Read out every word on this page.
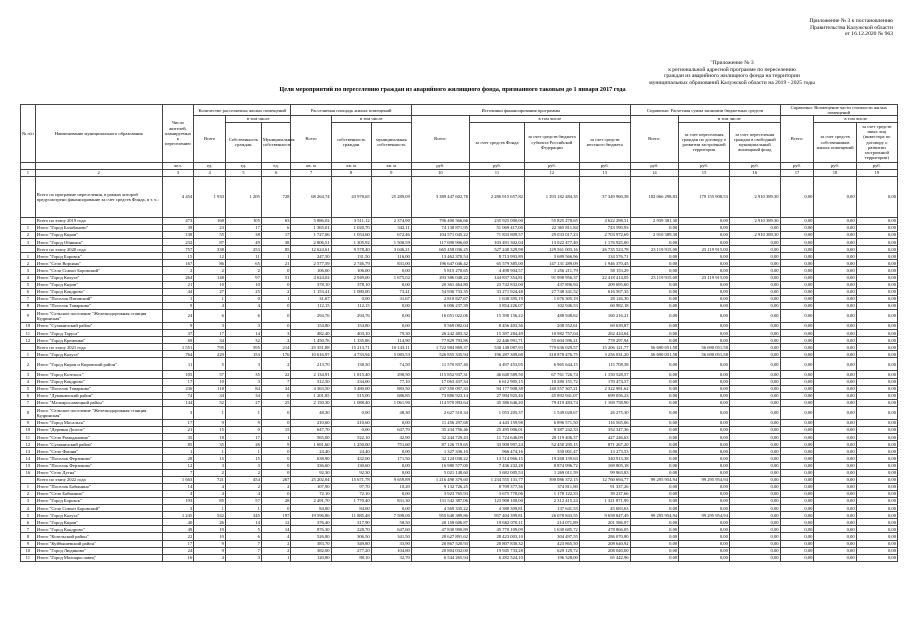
Приложение № 3 к постановлению
Правительства Калужской области
от 16.12.2020 № 963
"Приложение № 3
к региональной адресной программе по переселению
граждан из аварийного жилищного фонда на территории
муниципальных образований Калужской области на 2019 - 2025 годы
Цели мероприятий по переселению граждан из аварийного жилищного фонда, признанного таковым до 1 января 2017 года
№ п/п	Наименование муниципального образования	Число жителей, планируемых к переселению	Количество расселяемых жилых помещений			Расселяемая площадь жилых помещений			Источники финансирования программы				Справочно: Расчетная сумма экономии бюджетных средств			Справочно: Возмещение части стоимости жилых помещений		
			Всего	в том числе		Всего	в том числе		Всего:	в том числе			Всего:	в том числе		Всего:	в том числе	
				Собственность граждан	Муниципальная собственность		собственность граждан	муниципальная собственность		за счет средств Фонда	за счет средств бюджета субъекта Российской Федерации	за счет средств местного бюджета		за счет переселения граждан по договору о развитии застроенной территории	за счет переселения граждан в свободный муниципальный жилищный фонд		за счет средств собственников жилых помещений	за счет средств иных лиц (инвестора по договору о развитии застроенной территории)
		чел.	ед.	ед.	ед.	кв. м	кв. м	кв. м	руб.	руб.	руб.	руб.	руб.	руб.	руб.	руб.	руб.	руб.
1	2	3	4	5	6	7	8	9	10	11	12	13	14	15	16	17	18	19
	Всего по программе переселения, в рамках которой предусмотрено финансирование за счет средств Фонда, в т. ч.:	4 454	1 933	1 205	728	68 264,74	43 978,65	25 289,09	3 389 447 602,78	2 286 915 657,82	1 293 182 484,35	37 349 960,38	182 066 298,83	179 155 908,53	2 910 389,30	0,00	0,00	0,00
	Всего по этапу 2019 года	473	168	105	63	5 886,02	3 511,12	2 374,90	796 400 566,66	235 925 000,00	55 825 278,65	4 622 298,31	2 939 381,30	0,00	2 910 389,30	0,00	0,00	0,00
1	Итого "Город Балабаново"	39	23	17	6	1 365,01	1 020,70	342,11	74 138 871,95	51 069 417,00	22 365 811,84	743 590,93	0,00	0,00	0,00	0,00	0,00	0,00
2	Итого "Город Киров"	138	55	38	17	1 727,06	1 054,60	672,46	104 571 045,22	71 833 809,57	29 033 017,23	2 703 972,69	2 910 389,30	0,00	2 910 389,30	0,00	0,00	0,00
3	Итого "Город Обнинск"	232	87	49	38	2 806,51	1 305,92	1 500,59	117 690 906,60	103 491 302,04	13 022 477,40	1 176 925,00	0,00	0,00	0,00	0,00	0,00	0,00
	Всего по этапу 2020 года	757	338	253	85	12 624,61	9 578,40	3 046,21	665 458 036,25	527 240 329,98	129 561 003,16	26 735 523,78	23 119 915,00	23 119 915,00	0,00	0,00	0,00	0,00
1	Итого "Город Боровск"	15	12	11	1	247,50	131,50	116,00	13 462 370,54	8 713 993,89	3 689 566,96	134 576,71	0,00	0,00	0,00	0,00	0,00	0,00
2	Итого "Село Ворсино"	167	86	65	21	2 577,59	2 746,79	831,00	196 647 046,42	65 579 385,00	147 131 289,09	1 946 370,45	0,00	0,00	0,00	0,00	0,00	0,00
3	Итого "Село Совхоз Боровский"	2	2	2	0	106,00	106,00	0,00	5 815 270,65	4 498 904,57	1 256 211,79	58 153,29	0,00	0,00	0,00	0,00	0,00	0,00
4	Итого "Город Калуга"	264	148	97	51	4 624,02	2 949,00	1 675,02	293 386 048,22	144 837 354,81	91 998 956,37	22 418 414,05	23 119 915,00	23 119 915,00	0,00	0,00	0,00	0,00
5	Итого "Город Киров"	21	10	10	0	378,10	378,10	0,00	20 361 464,80	23 742 832,00	437 896,94	209 695,60	0,00	0,00	0,00	0,00	0,00	0,00
6	Итого "Город Кондрово"	44	27	25	2	1 153,41	1 080,00	73,41	54 936 733,35	33 271 924,48	27 748 341,52	616 567,35	0,00	0,00	0,00	0,00	0,00	0,00
7	Итого "Поселок Пятовский"	1	1	0	1	31,67	0,00	31,67	2 810 827,67	1 630 395,19	1 076 305,19	28 126,30	0,00	0,00	0,00	0,00	0,00	0,00
8	Итого "Поселок Товарково"	9	4	4	0	112,15	112,15	0,00	6 006 237,39	3 854 226,07	102 946,53	60 982,18	0,00	0,00	0,00	0,00	0,00	0,00
9	Итого "Сельское поселение "Железнодорожная станция Кудринская"	24	6	6	0	294,76	294,76	0,00	16 051 022,06	15 390 156,22	488 948,62	160 216,21	0,00	0,00	0,00	0,00	0,00	0,00
10	Итого "Сухиничский район"	9	3	3	0	154,80	154,80	0,00	9 569 082,04	8 456 403,36	208 552,61	69 639,87	0,00	0,00	0,00	0,00	0,00	0,00
11	Итого "Город Таруса"	37	17	14	3	482,40	403,10	79,30	26 242 483,32	15 397 284,49	10 982 757,04	262 424,64	0,00	0,00	0,00	0,00	0,00	0,00
12	Итого "Город Кременки"	69	34	32	2	1 450,76	1 335,86	114,90	77 829 793,86	22 446 991,71	55 604 596,21	778 297,94	0,00	0,00	0,00	0,00	0,00	0,00
	Всего по этапу 2021 года	1 551	795	595	214	25 351,88	15 213,71	10 143,11	1 722 984 869,37	530 148 087,93	779 636 029,57	15 206 121,77	56 690 051,58	56 690 051,58	0,00	0,00	0,00	0,00
1	Итого "Город Калуга"	764	229	153	176	10 616,97	4 733,94	5 083,53	526 855 335,94	196 287 309,68	318 878 476,75	3 256 031,20	56 690 051,58	56 690 051,58	0,00	0,00	0,00	0,00
2	Итого "Город Киров и Кировский район"	11	5	3	2	213,70	138,50	74,50	11 570 837,40	4 497 453,95	6 965 644,15	115 708,38	0,00	0,00	0,00	0,00	0,00	0,00
3	Итого "Город Козельск"	105	57	35	22	2 134,91	1 815,40	298,50	115 852 937,31	46 640 589,50	67 761 726,74	1 150 528,57	0,00	0,00	0,00	0,00	0,00	0,00
4	Итого "Город Кондрово"	17	10	3	7	312,50	234,00	77,10	17 063 437,34	6 612 905,15	10 280 151,72	170 474,57	0,00	0,00	0,00	0,00	0,00	0,00
5	Итого "Поселок Товарково"	236	118	84	34	4 363,50	3 480,00	883,50	237 350 097,33	94 177 908,38	140 557 307,21	2 322 981,62	0,00	0,00	0,00	0,00	0,00	0,00
6	Итого "Думиничский район"	74	34	34	0	1 201,85	515,00	686,85	73 886 923,14	27 994 925,40	45 892 941,07	699 056,23	0,00	0,00	0,00	0,00	0,00	0,00
7	Итого "Малоярославецкий район"	144	52	27	25	2 150,30	1 088,40	1 061,90	114 970 893,64	45 386 646,20	79 419 483,74	1 169 758,90	0,00	0,00	0,00	0,00	0,00	0,00
8	Итого "Сельское поселение "Железнодорожная станция Кудринская"	3	1	1	0	48,30	0,00	48,30	2 627 510,34	1 053 205,37	1 549 028,67	26 275,30	0,00	0,00	0,00	0,00	0,00	0,00
9	Итого "Город Мосальск"	17	9	9	0	210,60	210,60	0,00	11 456 297,68	4 443 159,98	6 896 571,50	116 565,06	0,00	0,00	0,00	0,00	0,00	0,00
10	Итого "Деревня Долгое"	21	15	0	15	647,70	0,00	647,70	35 234 756,46	25 495 006,01	9 387 242,33	352 347,36	0,00	0,00	0,00	0,00	0,00	0,00
11	Итого "Село Ромодановно"	35	18	17	1	565,00	522,10	42,90	32 244 729,43	11 724 646,09	20 119 406,37	427 246,63	0,00	0,00	0,00	0,00	0,00	0,00
12	Итого "Сухиничский район"	85	35	26	9	1 691,60	1 250,00	751,60	87 126 719,65	33 908 997,24	52 450 295,15	871 267,20	0,00	0,00	0,00	0,00	0,00	0,00
13	Итого "Село Фошня"	1	1	1	0	24,40	24,40	0,00	1 327 336,10	966 474,16	350 001,47	13 273,53	0,00	0,00	0,00	0,00	0,00	0,00
14	Итого "Поселок Ферзиково"	28	15	15	0	638,90	432,00	171,50	32 124 038,22	13 514 966,15	19 268 159,63	340 913,38	0,00	0,00	0,00	0,00	0,00	0,00
15	Итого "Поселок Ферзиково"	12	3	3	0	336,60	130,60	0,00	16 980 577,00	7 436 232,28	8 874 996,72	169 805,18	0,00	0,00	0,00	0,00	0,00	0,00
16	Итого "Село Дугна"	7	2	2	0	92,30	92,30	0,00	5 021 148,60	3 682 005,53	1 269 011,59	99 963,83	0,00	0,00	0,00	0,00	0,00	0,00
	Всего по этапу 2022 года	1 663	721	454	267	25 202,04	15 671,78	9 659,89	1 216 490 379,60	1 234 555 131,77	390 086 372,15	12 760 694,77	99 295 954,94	99 295 954,94	0,00	0,00	0,00	0,00
1	Итого "Поселок Бабынино"	14	4	2	2	107,90	97,70	10,20	9 132 726,25	8 709 377,36	374 811,80	91 337,26	0,00	0,00	0,00	0,00	0,00	0,00
2	Итого "Село Бабынино"	4	4	4	0	72,10	72,10	0,00	3 923 765,93	3 675 770,06	1 178 122,33	39 237,66	0,00	0,00	0,00	0,00	0,00	0,00
3	Итого "Город Боровск"	193	85	57	28	2 491,70	1 770,40	831,30	131 542 387,06	123 908 100,00	2 312 415,24	1 321 871,99	0,00	0,00	0,00	0,00	0,00	0,00
4	Итого "Село Совхоз Боровский"	3	1	1	0	84,00	84,00	0,00	4 569 335,22	4 388 309,81	137 641,53	45 683,63	0,00	0,00	0,00	0,00	0,00	0,00
5	Итого "Город Калуга"	1 245	542	345	197	19 596,86	11 885,48	7 598,00	955 640 389,86	957 404 399,81	26 078 843,55	9 658 847,49	99 295 954,94	99 295 954,94	0,00	0,00	0,00	0,00
6	Итого "Город Киров"	40	26	14	12	376,40	317,90	58,50	20 158 606,87	19 662 070,11	214 071,89	201 586,07	0,00	0,00	0,00	0,00	0,00	0,00
7	Итого "Город Кондрово"	49	19	5	14	876,30	228,70	647,60	47 830 990,89	45 770 109,09	1 630 685,72	478 866,05	0,00	0,00	0,00	0,00	0,00	0,00
8	Итого "Козельский район"	22	10	6	4	526,80	306,50	341,50	28 627 891,62	28 423 003,10	304 497,55	286 070,80	0,00	0,00	0,00	0,00	0,00	0,00
9	Итого "Куйбышевский район"	17	9	7	2	383,70	349,80	33,90	20 867 520,93	20 807 830,32	423 865,50	208 640,92	0,00	0,00	0,00	0,00	0,00	0,00
10	Итого "Город Людиново"	24	9	7	2	382,00	277,20	104,80	20 804 032,00	19 945 733,28	629 129,72	208 040,00	0,00	0,00	0,00	0,00	0,00	0,00
11	Итого "Город Малоярославец"	16	4	3	1	120,80	88,10	32,70	6 544 265,94	6 282 524,10	196 328,00	65 442,96	0,00	0,00	0,00	0,00	0,00	0,00
